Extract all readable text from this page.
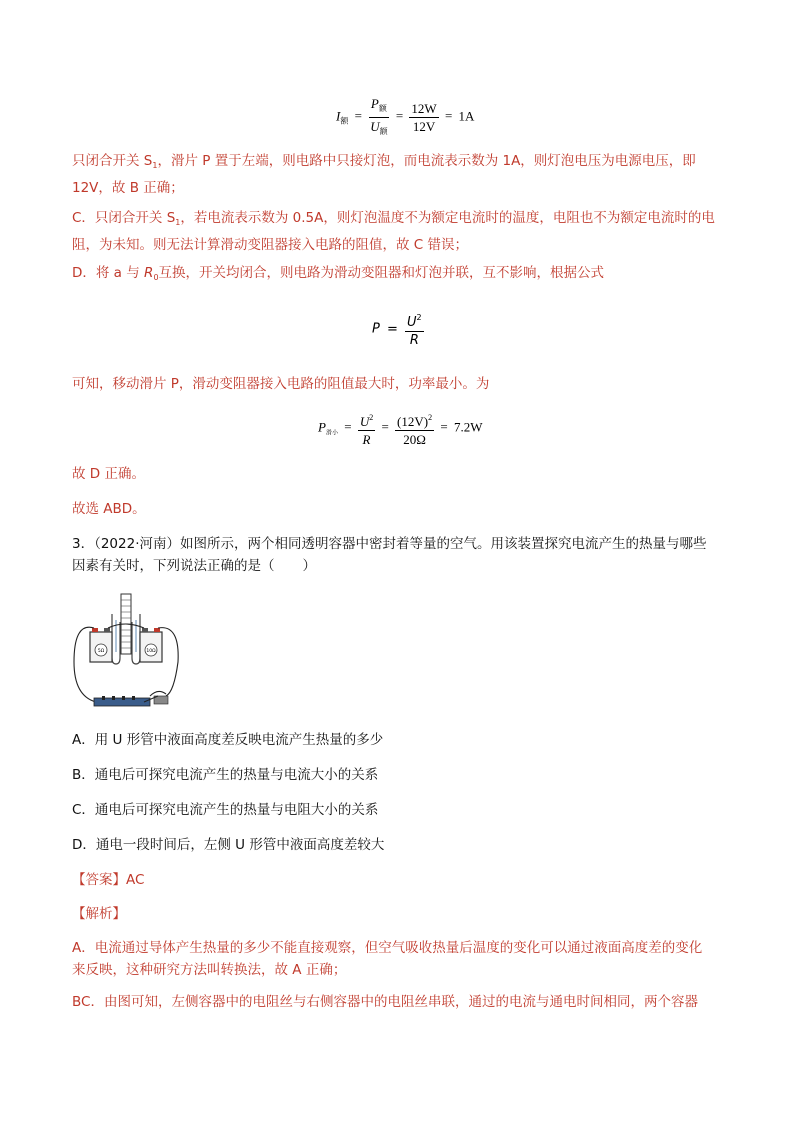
$I_额 = \frac{P_额}{U_额} = \frac{12W}{12V} = 1A$
只闭合开关 $S_1$，滑片 P 置于左端，则电路中只接灯泡，而电流表示数为 1A，则灯泡电压为电源电压，即
12V，故 B 正确；
C．只闭合开关 $S_1$，若电流表示数为 0.5A，则灯泡温度不为额定电流时的温度，电阻也不为额定电流时的电
阻，为未知。则无法计算滑动变阻器接入电路的阻值，故 C 错误；
D．将 a 与 $R_0$互换，开关均闭合，则电路为滑动变阻器和灯泡并联，互不影响，根据公式
$P = \frac{U^2}{R}$
可知，移动滑片 P，滑动变阻器接入电路的阻值最大时，功率最小。为
$P_{滑小} = \frac{U^2}{R} = \frac{(12V)^2}{20\Omega} = 7.2W$
故 D 正确。
故选 ABD。
3．（2022·河南）如图所示，两个相同透明容器中密封着等量的空气。用该装置探究电流产生的热量与哪些
因素有关时，下列说法正确的是（ ）
5Ω	10Ω
A．用 U 形管中液面高度差反映电流产生热量的多少
B．通电后可探究电流产生的热量与电流大小的关系
C．通电后可探究电流产生的热量与电阻大小的关系
D．通电一段时间后，左侧 U 形管中液面高度差较大
【答案】AC
【解析】
A．电流通过导体产生热量的多少不能直接观察，但空气吸收热量后温度的变化可以通过液面高度差的变化
来反映，这种研究方法叫转换法，故 A 正确；
BC．由图可知，左侧容器中的电阻丝与右侧容器中的电阻丝串联，通过的电流与通电时间相同，两个容器
